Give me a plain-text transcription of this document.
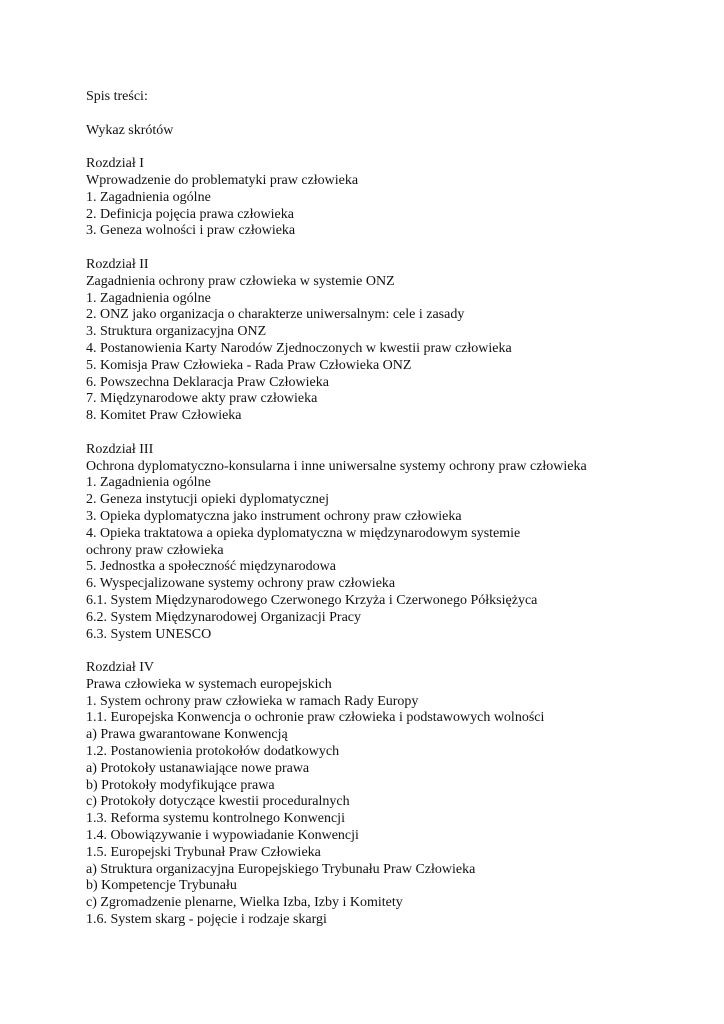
Spis treści:
Wykaz skrótów
Rozdział I
Wprowadzenie do problematyki praw człowieka
1. Zagadnienia ogólne
2. Definicja pojęcia prawa człowieka
3. Geneza wolności i praw człowieka
Rozdział II
Zagadnienia ochrony praw człowieka w systemie ONZ
1. Zagadnienia ogólne
2. ONZ jako organizacja o charakterze uniwersalnym: cele i zasady
3. Struktura organizacyjna ONZ
4. Postanowienia Karty Narodów Zjednoczonych w kwestii praw człowieka
5. Komisja Praw Człowieka - Rada Praw Człowieka ONZ
6. Powszechna Deklaracja Praw Człowieka
7. Międzynarodowe akty praw człowieka
8. Komitet Praw Człowieka
Rozdział III
Ochrona dyplomatyczno-konsularna i inne uniwersalne systemy ochrony praw człowieka
1. Zagadnienia ogólne
2. Geneza instytucji opieki dyplomatycznej
3. Opieka dyplomatyczna jako instrument ochrony praw człowieka
4. Opieka traktatowa a opieka dyplomatyczna w międzynarodowym systemie
ochrony praw człowieka
5. Jednostka a społeczność międzynarodowa
6. Wyspecjalizowane systemy ochrony praw człowieka
6.1. System Międzynarodowego Czerwonego Krzyża i Czerwonego Półksiężyca
6.2. System Międzynarodowej Organizacji Pracy
6.3. System UNESCO
Rozdział IV
Prawa człowieka w systemach europejskich
1. System ochrony praw człowieka w ramach Rady Europy
1.1. Europejska Konwencja o ochronie praw człowieka i podstawowych wolności
a) Prawa gwarantowane Konwencją
1.2. Postanowienia protokołów dodatkowych
a) Protokoły ustanawiające nowe prawa
b) Protokoły modyfikujące prawa
c) Protokoły dotyczące kwestii proceduralnych
1.3. Reforma systemu kontrolnego Konwencji
1.4. Obowiązywanie i wypowiadanie Konwencji
1.5. Europejski Trybunał Praw Człowieka
a) Struktura organizacyjna Europejskiego Trybunału Praw Człowieka
b) Kompetencje Trybunału
c) Zgromadzenie plenarne, Wielka Izba, Izby i Komitety
1.6. System skarg - pojęcie i rodzaje skargi
